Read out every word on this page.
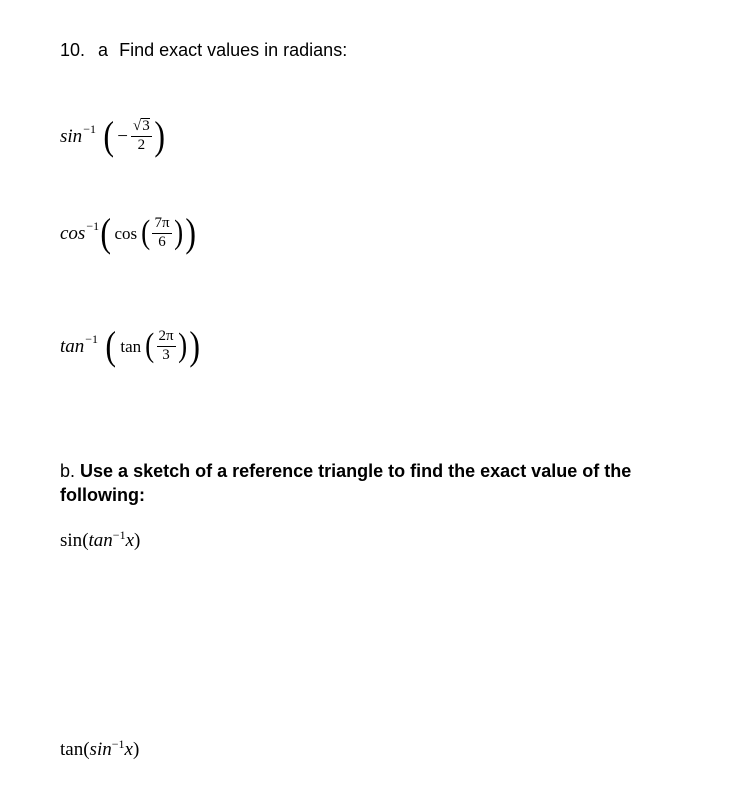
10. a Find exact values in radians:
sin −1 ( − $\frac{√ 3}{2}$ )
cos −1 ( cos ( $\frac{7\pi}{6}$ ) )
tan −1 ( tan ( $\frac{2\pi}{3}$ ) )
b. Use a sketch of a reference triangle to find the exact value of the following:
$\sin(\tan^{-1}x)$
$\tan(\sin^{-1}x)$
